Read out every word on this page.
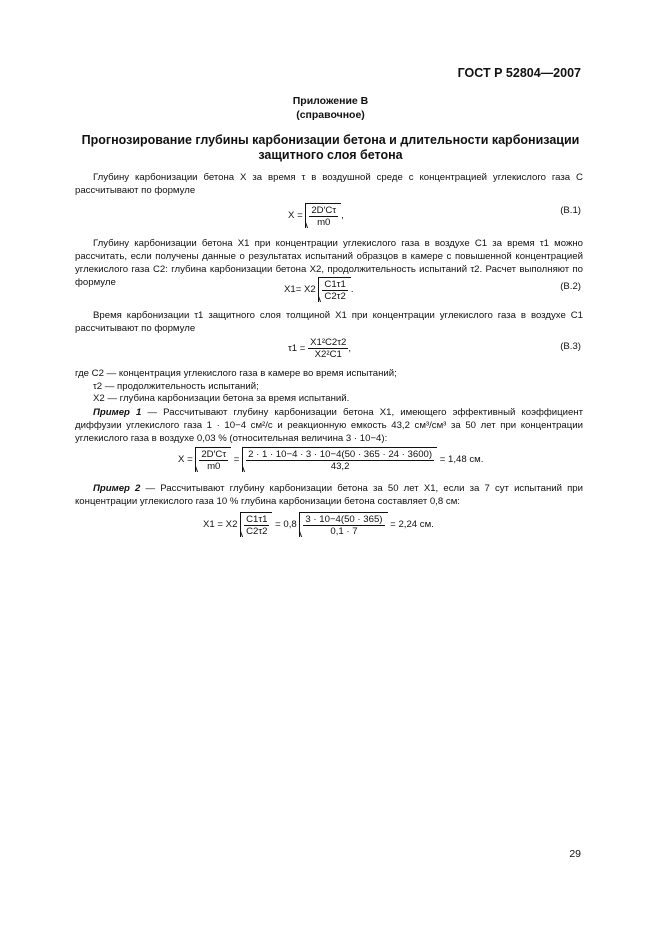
ГОСТ Р 52804—2007
Приложение В
(справочное)
Прогнозирование глубины карбонизации бетона и длительности карбонизации
защитного слоя бетона
Глубину карбонизации бетона X за время τ в воздушной среде с концентрацией углекислого газа C рассчитывают по формуле
$X = \frac{2D'C\tau}{m0}$ ,	(В.1)
Глубину карбонизации бетона X1 при концентрации углекислого газа в воздухе C1 за время τ1 можно рассчитать, если получены данные о результатах испытаний образцов в камере с повышенной концентрацией углекислого газа C2: глубина карбонизации бетона X2, продолжительность испытаний τ2. Расчет выполняют по формуле
$X1= X2 \frac{C1\tau 1}{C2\tau 2}$ .	(В.2)
Время карбонизации τ1 защитного слоя толщиной X1 при концентрации углекислого газа в воздухе C1 рассчитывают по формуле
$\tau 1 = \frac{\text{X1²C2τ2}}{\text{X2²C1}}$ ,	(В.3)
где C2 — концентрация углекислого газа в камере во время испытаний;
τ2 — продолжительность испытаний;
X2 — глубина карбонизации бетона за время испытаний.
Пример 1 — Рассчитывают глубину карбонизации бетона X1, имеющего эффективный коэффициент диффузии углекислого газа 1 · 10−4 см²/с и реакционную емкость 43,2 см³/см³ за 50 лет при концентрации углекислого газа в воздухе 0,03 % (относительная величина 3 · 10−4):
$X = \frac{2D'C\tau}{m0} = \frac{2 \cdot 1 \cdot 10-4 \cdot 3 \cdot 10-4(50 \cdot 365 \cdot 24 \cdot 3600)}{43,2} = 1,48$ см.
Пример 2 — Рассчитывают глубину карбонизации бетона за 50 лет X1, если за 7 сут испытаний при концентрации углекислого газа 10 % глубина карбонизации бетона составляет 0,8 см:
$X1 = X2 \frac{C1\tau 1}{C2\tau 2} = 0,8 \frac{3 \cdot 10-4(50 \cdot 365)}{0,1 \cdot 7} = 2,24$ см.
29
